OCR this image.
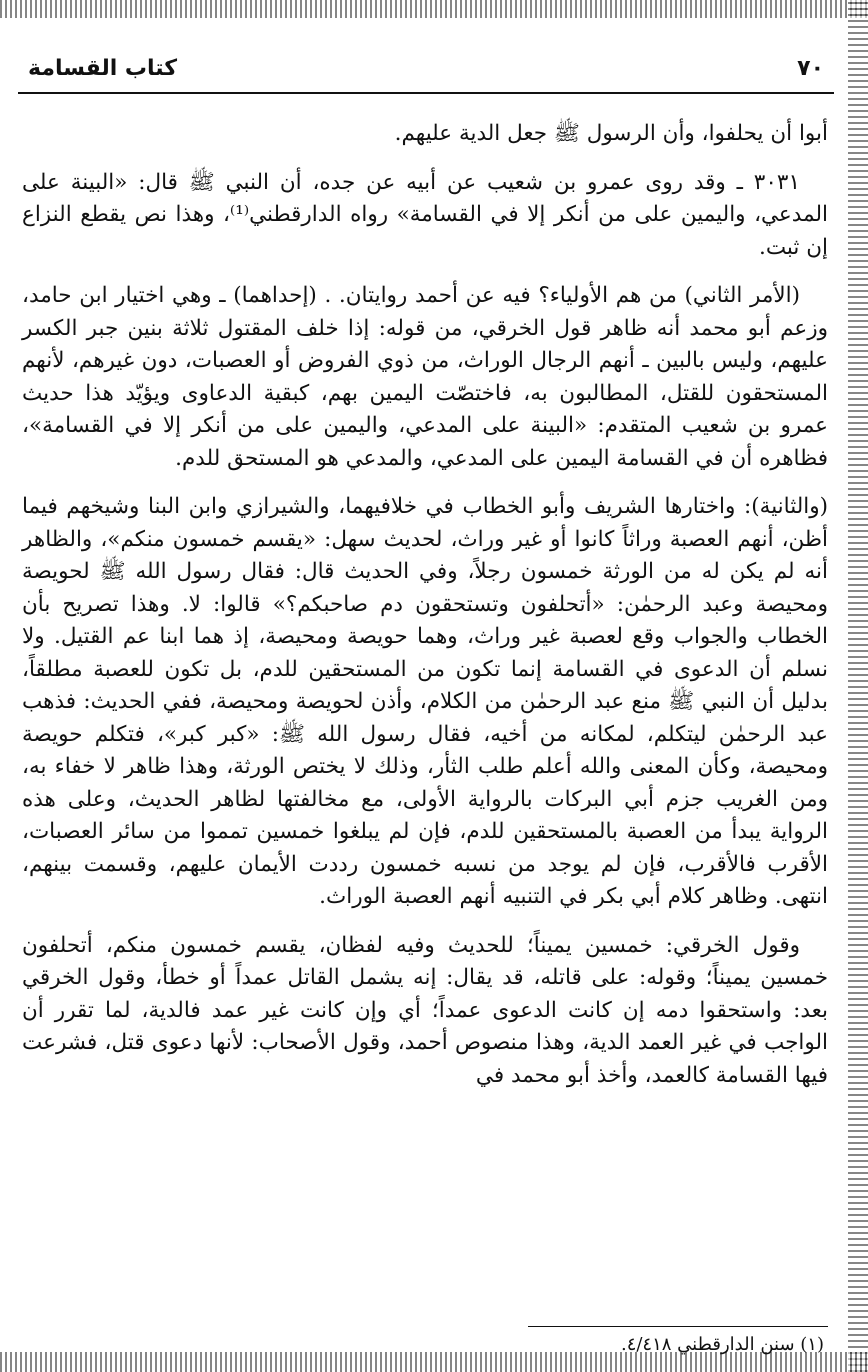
٧٠
كتاب القسامة

أبوا أن يحلفوا، وأن الرسول ﷺ جعل الدية عليهم.

٣٠٣١ ـ وقد روى عمرو بن شعيب عن أبيه عن جده، أن النبي ﷺ قال: «البينة على المدعي، واليمين على من أنكر إلا في القسامة» رواه الدارقطني⁽¹⁾، وهذا نص يقطع النزاع إن ثبت.

(الأمر الثاني) من هم الأولياء؟ فيه عن أحمد روايتان. . (إحداهما) ـ وهي اختيار ابن حامد، وزعم أبو محمد أنه ظاهر قول الخرقي، من قوله: إذا خلف المقتول ثلاثة بنين جبر الكسر عليهم، وليس بالبين ـ أنهم الرجال الوراث، من ذوي الفروض أو العصبات، دون غيرهم، لأنهم المستحقون للقتل، المطالبون به، فاختصّت اليمين بهم، كبقية الدعاوى ويؤيّد هذا حديث عمرو بن شعيب المتقدم: «البينة على المدعي، واليمين على من أنكر إلا في القسامة»، فظاهره أن في القسامة اليمين على المدعي، والمدعي هو المستحق للدم.

(والثانية): واختارها الشريف وأبو الخطاب في خلافيهما، والشيرازي وابن البنا وشيخهم فيما أظن، أنهم العصبة وراثاً كانوا أو غير وراث، لحديث سهل: «يقسم خمسون منكم»، والظاهر أنه لم يكن له من الورثة خمسون رجلاً، وفي الحديث قال: فقال رسول الله ﷺ لحويصة ومحيصة وعبد الرحمٰن: «أتحلفون وتستحقون دم صاحبكم؟» قالوا: لا. وهذا تصريح بأن الخطاب والجواب وقع لعصبة غير وراث، وهما حويصة ومحيصة، إذ هما ابنا عم القتيل. ولا نسلم أن الدعوى في القسامة إنما تكون من المستحقين للدم، بل تكون للعصبة مطلقاً، بدليل أن النبي ﷺ منع عبد الرحمٰن من الكلام، وأذن لحويصة ومحيصة، ففي الحديث: فذهب عبد الرحمٰن ليتكلم، لمكانه من أخيه، فقال رسول الله ﷺ: «كبر كبر»، فتكلم حويصة ومحيصة، وكأن المعنى والله أعلم طلب الثأر، وذلك لا يختص الورثة، وهذا ظاهر لا خفاء به، ومن الغريب جزم أبي البركات بالرواية الأولى، مع مخالفتها لظاهر الحديث، وعلى هذه الرواية يبدأ من العصبة بالمستحقين للدم، فإن لم يبلغوا خمسين تمموا من سائر العصبات، الأقرب فالأقرب، فإن لم يوجد من نسبه خمسون رددت الأيمان عليهم، وقسمت بينهم، انتهى. وظاهر كلام أبي بكر في التنبيه أنهم العصبة الوراث.

وقول الخرقي: خمسين يميناً؛ للحديث وفيه لفظان، يقسم خمسون منكم، أتحلفون خمسين يميناً؛ وقوله: على قاتله، قد يقال: إنه يشمل القاتل عمداً أو خطأ، وقول الخرقي بعد: واستحقوا دمه إن كانت الدعوى عمداً؛ أي وإن كانت غير عمد فالدية، لما تقرر أن الواجب في غير العمد الدية، وهذا منصوص أحمد، وقول الأصحاب: لأنها دعوى قتل، فشرعت فيها القسامة كالعمد، وأخذ أبو محمد في

(١) سنن الدارقطني ٤/٤١٨.
